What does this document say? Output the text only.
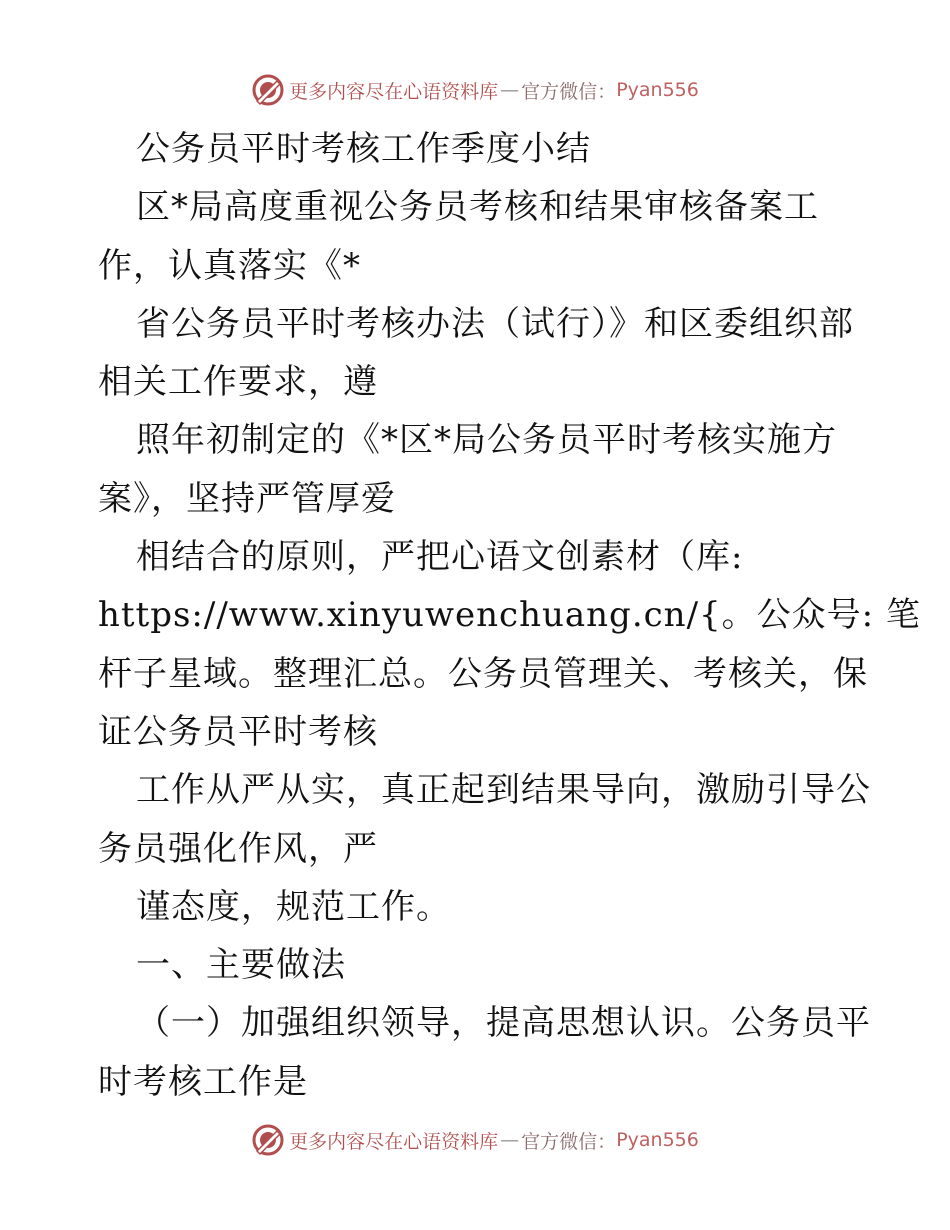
更多内容尽在心语资料库 — 官方微信： Pyan556
公务员平时考核工作季度小结
区*局高度重视公务员考核和结果审核备案工
作，认真落实《*
省公务员平时考核办法（试行）》和区委组织部
相关工作要求，遵
照年初制定的《*区*局公务员平时考核实施方
案》，坚持严管厚爱
相结合的原则，严把心语文创素材（库:
https://www.xinyuwenchuang.cn/{。公众号: 笔
杆子星域。整理汇总。公务员管理关、考核关，保
证公务员平时考核
工作从严从实，真正起到结果导向，激励引导公
务员强化作风，严
谨态度，规范工作。
一、主要做法
（一）加强组织领导，提高思想认识。公务员平
时考核工作是
更多内容尽在心语资料库 — 官方微信： Pyan556
